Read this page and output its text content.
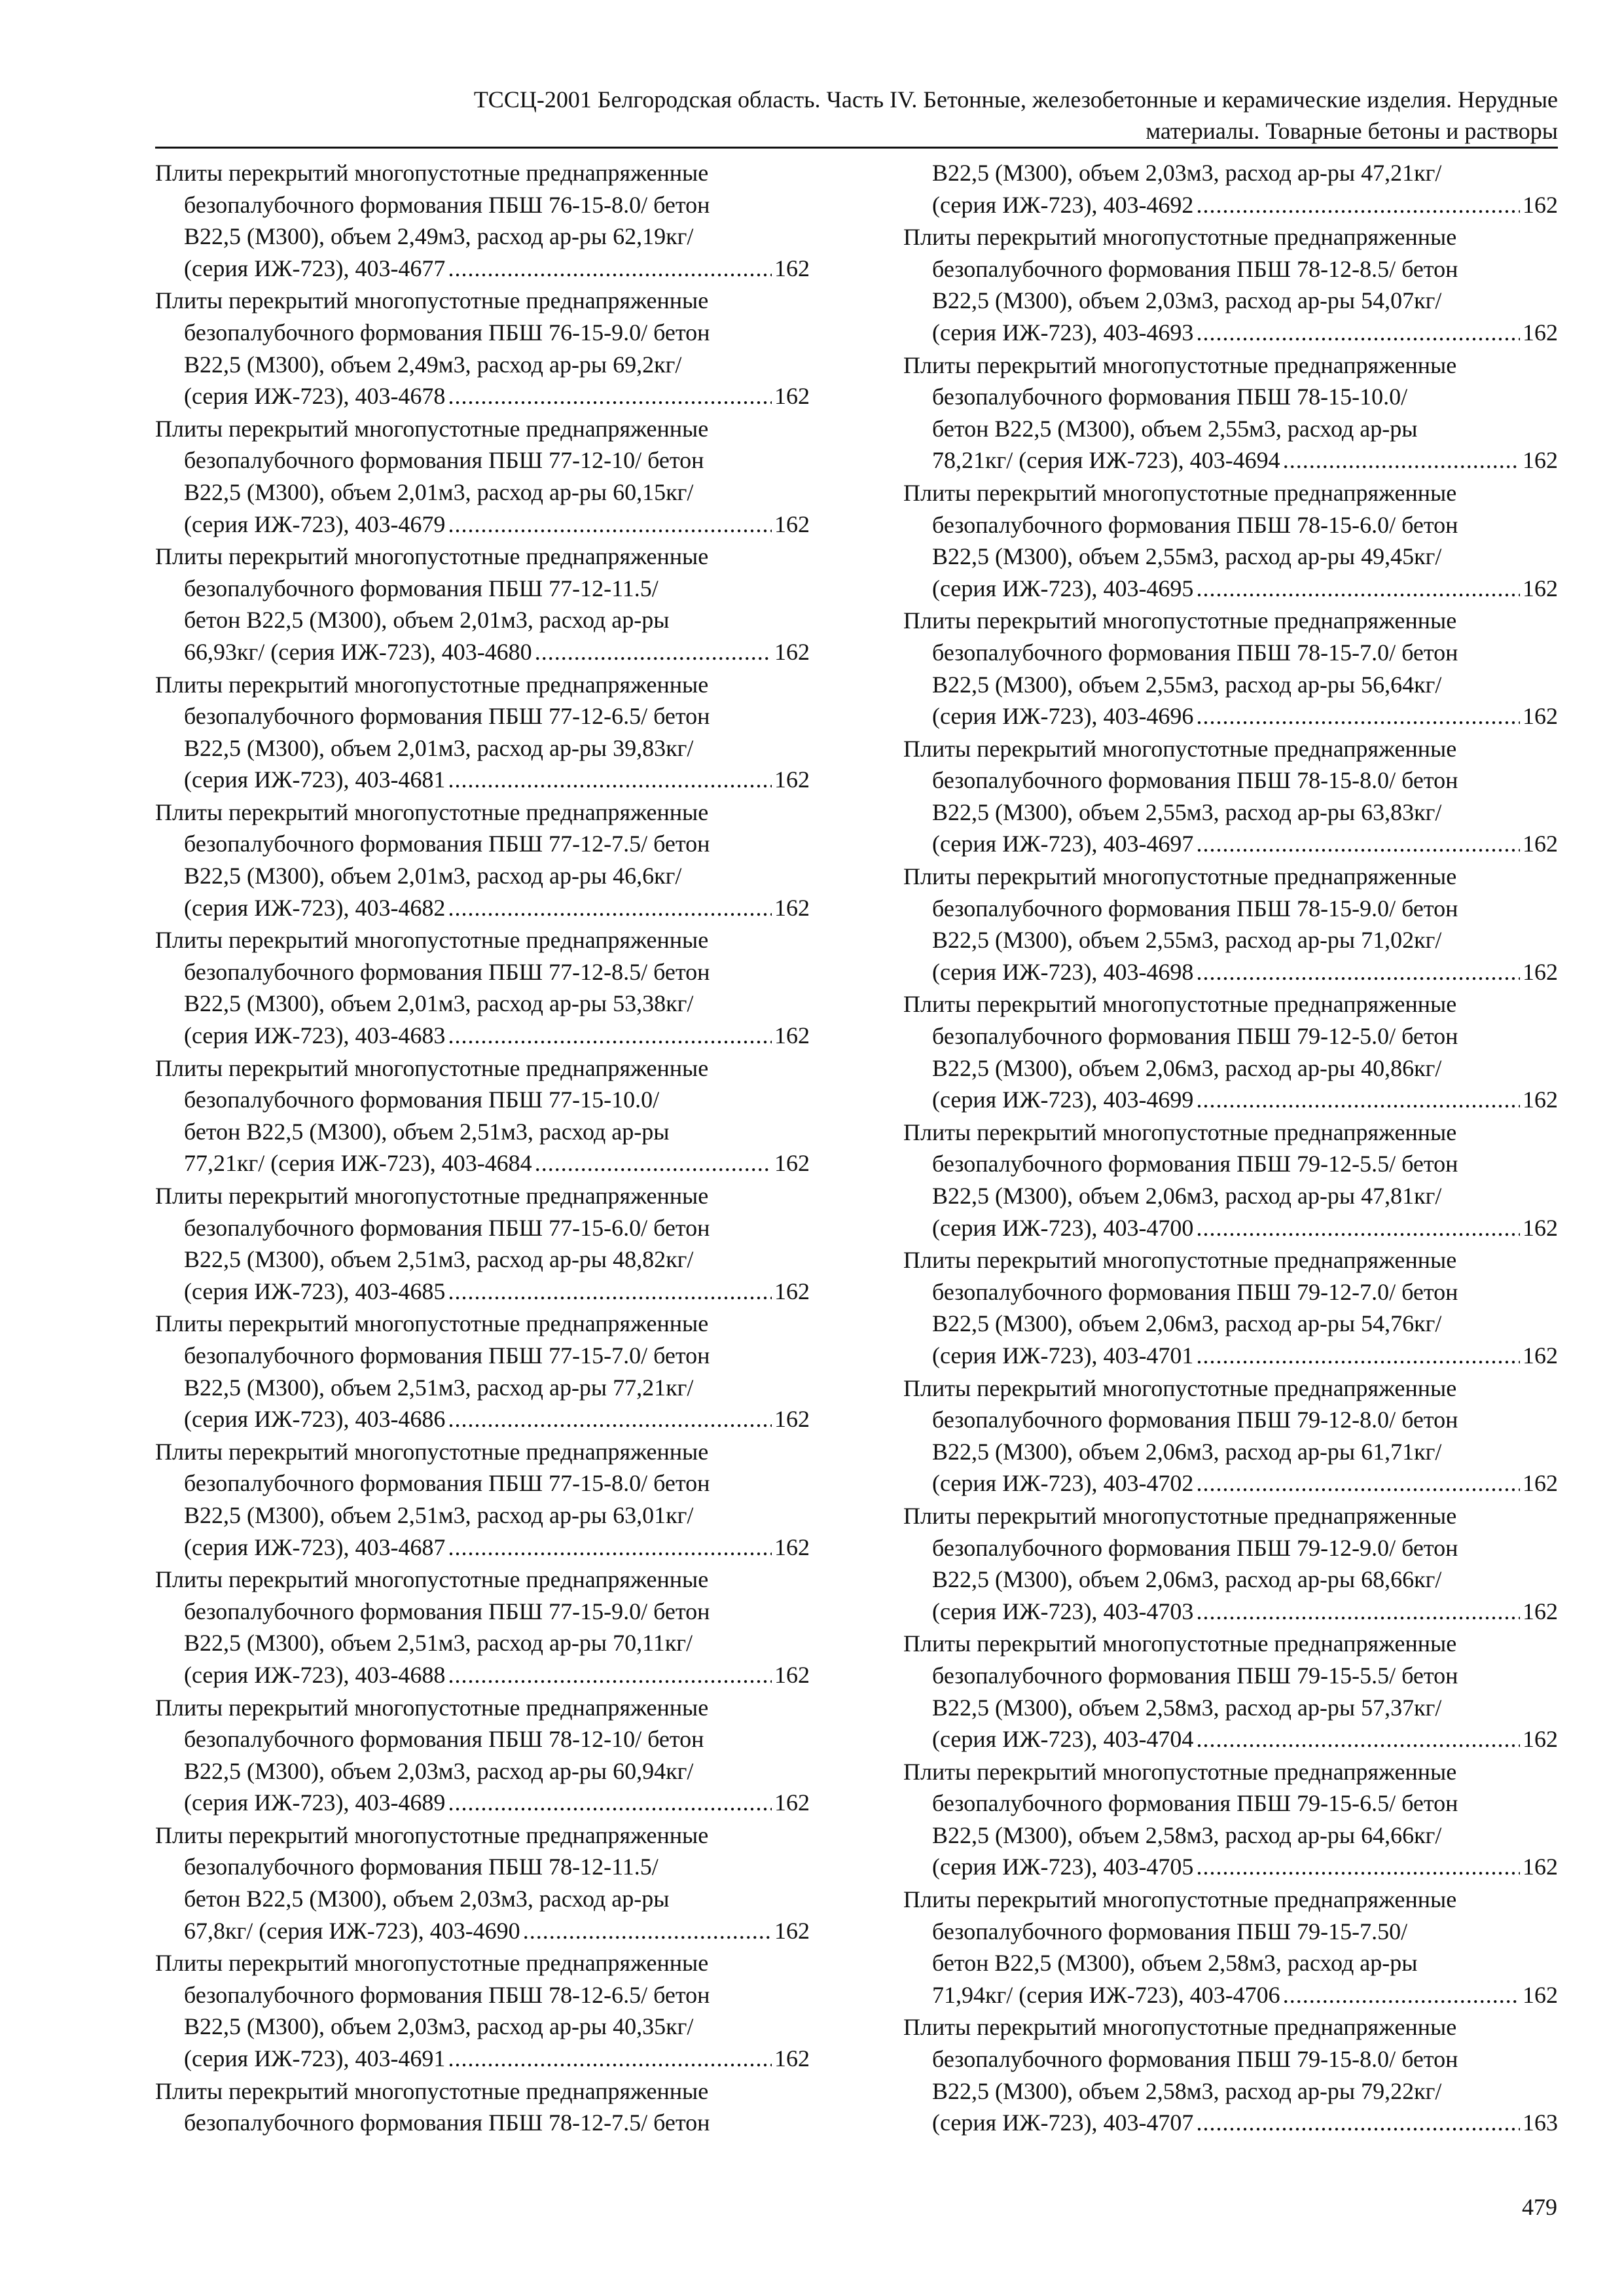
ТССЦ-2001 Белгородская область. Часть IV. Бетонные, железобетонные и керамические изделия. Нерудные
материалы. Товарные бетоны и растворы
Плиты перекрытий многопустотные преднапряженные
безопалубочного формования ПБШ 76-15-8.0/ бетон
В22,5 (М300), объем 2,49м3, расход ар-ры 62,19кг/
(серия ИЖ-723), 403-4677 .....	162
Плиты перекрытий многопустотные преднапряженные
безопалубочного формования ПБШ 76-15-9.0/ бетон
В22,5 (М300), объем 2,49м3, расход ар-ры 69,2кг/
(серия ИЖ-723), 403-4678 .....	162
Плиты перекрытий многопустотные преднапряженные
безопалубочного формования ПБШ 77-12-10/ бетон
В22,5 (М300), объем 2,01м3, расход ар-ры 60,15кг/
(серия ИЖ-723), 403-4679 .....	162
Плиты перекрытий многопустотные преднапряженные
безопалубочного формования ПБШ 77-12-11.5/
бетон В22,5 (М300), объем 2,01м3, расход ар-ры
66,93кг/ (серия ИЖ-723), 403-4680 .....	162
Плиты перекрытий многопустотные преднапряженные
безопалубочного формования ПБШ 77-12-6.5/ бетон
В22,5 (М300), объем 2,01м3, расход ар-ры 39,83кг/
(серия ИЖ-723), 403-4681 .....	162
Плиты перекрытий многопустотные преднапряженные
безопалубочного формования ПБШ 77-12-7.5/ бетон
В22,5 (М300), объем 2,01м3, расход ар-ры 46,6кг/
(серия ИЖ-723), 403-4682 .....	162
Плиты перекрытий многопустотные преднапряженные
безопалубочного формования ПБШ 77-12-8.5/ бетон
В22,5 (М300), объем 2,01м3, расход ар-ры 53,38кг/
(серия ИЖ-723), 403-4683 .....	162
Плиты перекрытий многопустотные преднапряженные
безопалубочного формования ПБШ 77-15-10.0/
бетон В22,5 (М300), объем 2,51м3, расход ар-ры
77,21кг/ (серия ИЖ-723), 403-4684 .....	162
Плиты перекрытий многопустотные преднапряженные
безопалубочного формования ПБШ 77-15-6.0/ бетон
В22,5 (М300), объем 2,51м3, расход ар-ры 48,82кг/
(серия ИЖ-723), 403-4685 .....	162
Плиты перекрытий многопустотные преднапряженные
безопалубочного формования ПБШ 77-15-7.0/ бетон
В22,5 (М300), объем 2,51м3, расход ар-ры 77,21кг/
(серия ИЖ-723), 403-4686 .....	162
Плиты перекрытий многопустотные преднапряженные
безопалубочного формования ПБШ 77-15-8.0/ бетон
В22,5 (М300), объем 2,51м3, расход ар-ры 63,01кг/
(серия ИЖ-723), 403-4687 .....	162
Плиты перекрытий многопустотные преднапряженные
безопалубочного формования ПБШ 77-15-9.0/ бетон
В22,5 (М300), объем 2,51м3, расход ар-ры 70,11кг/
(серия ИЖ-723), 403-4688 .....	162
Плиты перекрытий многопустотные преднапряженные
безопалубочного формования ПБШ 78-12-10/ бетон
В22,5 (М300), объем 2,03м3, расход ар-ры 60,94кг/
(серия ИЖ-723), 403-4689 .....	162
Плиты перекрытий многопустотные преднапряженные
безопалубочного формования ПБШ 78-12-11.5/
бетон В22,5 (М300), объем 2,03м3, расход ар-ры
67,8кг/ (серия ИЖ-723), 403-4690 .....	162
Плиты перекрытий многопустотные преднапряженные
безопалубочного формования ПБШ 78-12-6.5/ бетон
В22,5 (М300), объем 2,03м3, расход ар-ры 40,35кг/
(серия ИЖ-723), 403-4691 .....	162
Плиты перекрытий многопустотные преднапряженные
безопалубочного формования ПБШ 78-12-7.5/ бетон
В22,5 (М300), объем 2,03м3, расход ар-ры 47,21кг/
(серия ИЖ-723), 403-4692 .....	162
Плиты перекрытий многопустотные преднапряженные
безопалубочного формования ПБШ 78-12-8.5/ бетон
В22,5 (М300), объем 2,03м3, расход ар-ры 54,07кг/
(серия ИЖ-723), 403-4693 .....	162
Плиты перекрытий многопустотные преднапряженные
безопалубочного формования ПБШ 78-15-10.0/
бетон В22,5 (М300), объем 2,55м3, расход ар-ры
78,21кг/ (серия ИЖ-723), 403-4694 .....	162
Плиты перекрытий многопустотные преднапряженные
безопалубочного формования ПБШ 78-15-6.0/ бетон
В22,5 (М300), объем 2,55м3, расход ар-ры 49,45кг/
(серия ИЖ-723), 403-4695 .....	162
Плиты перекрытий многопустотные преднапряженные
безопалубочного формования ПБШ 78-15-7.0/ бетон
В22,5 (М300), объем 2,55м3, расход ар-ры 56,64кг/
(серия ИЖ-723), 403-4696 .....	162
Плиты перекрытий многопустотные преднапряженные
безопалубочного формования ПБШ 78-15-8.0/ бетон
В22,5 (М300), объем 2,55м3, расход ар-ры 63,83кг/
(серия ИЖ-723), 403-4697 .....	162
Плиты перекрытий многопустотные преднапряженные
безопалубочного формования ПБШ 78-15-9.0/ бетон
В22,5 (М300), объем 2,55м3, расход ар-ры 71,02кг/
(серия ИЖ-723), 403-4698 .....	162
Плиты перекрытий многопустотные преднапряженные
безопалубочного формования ПБШ 79-12-5.0/ бетон
В22,5 (М300), объем 2,06м3, расход ар-ры 40,86кг/
(серия ИЖ-723), 403-4699 .....	162
Плиты перекрытий многопустотные преднапряженные
безопалубочного формования ПБШ 79-12-5.5/ бетон
В22,5 (М300), объем 2,06м3, расход ар-ры 47,81кг/
(серия ИЖ-723), 403-4700 .....	162
Плиты перекрытий многопустотные преднапряженные
безопалубочного формования ПБШ 79-12-7.0/ бетон
В22,5 (М300), объем 2,06м3, расход ар-ры 54,76кг/
(серия ИЖ-723), 403-4701 .....	162
Плиты перекрытий многопустотные преднапряженные
безопалубочного формования ПБШ 79-12-8.0/ бетон
В22,5 (М300), объем 2,06м3, расход ар-ры 61,71кг/
(серия ИЖ-723), 403-4702 .....	162
Плиты перекрытий многопустотные преднапряженные
безопалубочного формования ПБШ 79-12-9.0/ бетон
В22,5 (М300), объем 2,06м3, расход ар-ры 68,66кг/
(серия ИЖ-723), 403-4703 .....	162
Плиты перекрытий многопустотные преднапряженные
безопалубочного формования ПБШ 79-15-5.5/ бетон
В22,5 (М300), объем 2,58м3, расход ар-ры 57,37кг/
(серия ИЖ-723), 403-4704 .....	162
Плиты перекрытий многопустотные преднапряженные
безопалубочного формования ПБШ 79-15-6.5/ бетон
В22,5 (М300), объем 2,58м3, расход ар-ры 64,66кг/
(серия ИЖ-723), 403-4705 .....	162
Плиты перекрытий многопустотные преднапряженные
безопалубочного формования ПБШ 79-15-7.50/
бетон В22,5 (М300), объем 2,58м3, расход ар-ры
71,94кг/ (серия ИЖ-723), 403-4706 .....	162
Плиты перекрытий многопустотные преднапряженные
безопалубочного формования ПБШ 79-15-8.0/ бетон
В22,5 (М300), объем 2,58м3, расход ар-ры 79,22кг/
(серия ИЖ-723), 403-4707 .....	163
479
